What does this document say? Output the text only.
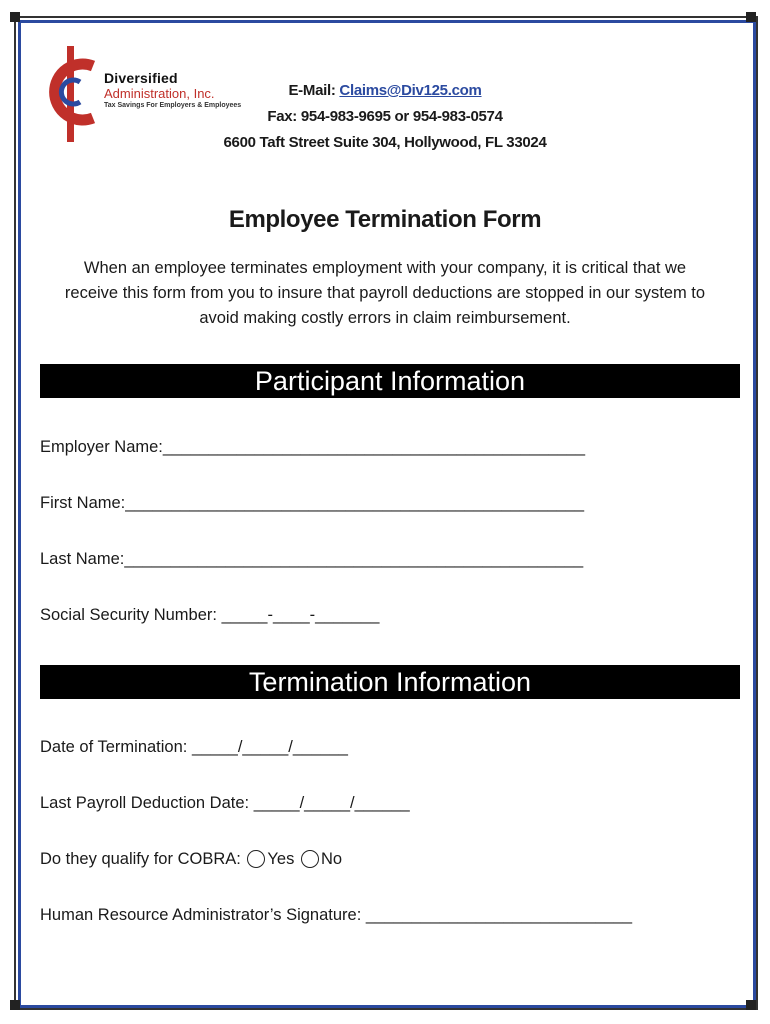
Diversified
Administration, Inc.
Tax Savings For Employers & Employees
E-Mail: Claims@Div125.com
Fax: 954-983-9695 or 954-983-0574
6600 Taft Street Suite 304, Hollywood, FL 33024
Employee Termination Form
When an employee terminates employment with your company, it is critical that we receive this form from you to insure that payroll deductions are stopped in our system to avoid making costly errors in claim reimbursement.
Participant Information
Employer Name:______________________________________________
First Name:__________________________________________________
Last Name:__________________________________________________
Social Security Number: _____-____-_______
Termination Information
Date of Termination: _____/_____/______
Last Payroll Deduction Date: _____/_____/______
Do they qualify for COBRA: Yes No
Human Resource Administrator’s Signature: _____________________________
